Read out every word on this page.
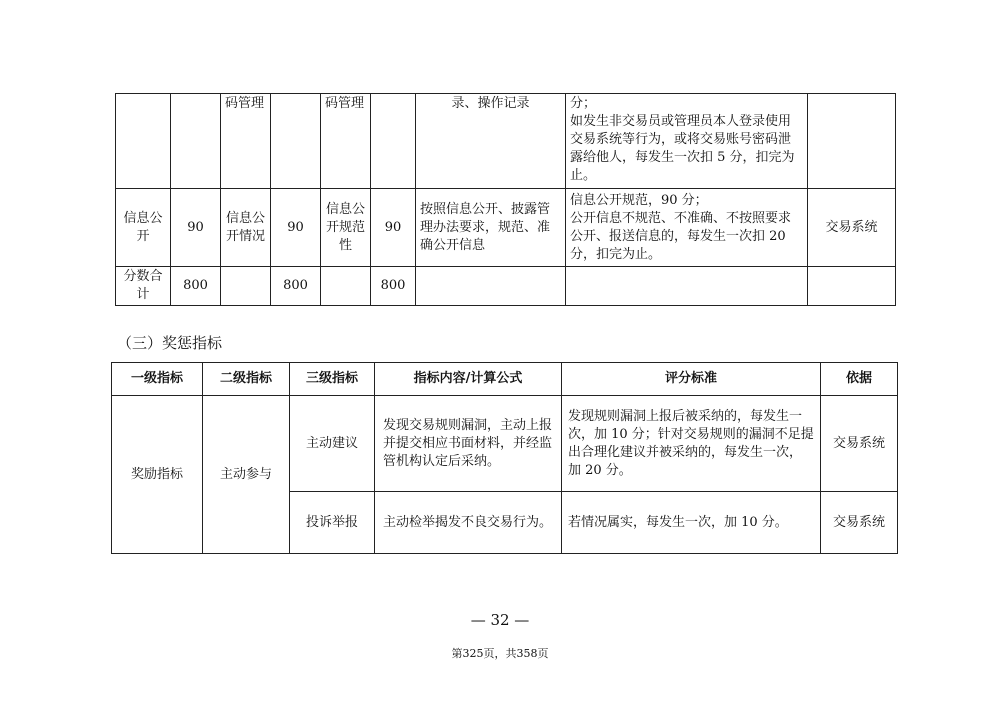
		码管理		码管理		录、操作记录	分；
如发生非交易员或管理员本人登录使用交易系统等行为，或将交易账号密码泄露给他人，每发生一次扣 5 分，扣完为止。	
信息公开	90	信息公开情况	90	信息公开规范性	90	按照信息公开、披露管理办法要求，规范、准确公开信息	信息公开规范，90 分；
公开信息不规范、不准确、不按照要求公开、报送信息的，每发生一次扣 20 分，扣完为止。	交易系统
分数合计	800		800		800			
（三）奖惩指标
一级指标	二级指标	三级指标	指标内容/计算公式	评分标准	依据
奖励指标	主动参与	主动建议	发现交易规则漏洞，主动上报并提交相应书面材料，并经监管机构认定后采纳。	发现规则漏洞上报后被采纳的，每发生一次，加 10 分；针对交易规则的漏洞不足提出合理化建议并被采纳的，每发生一次，加 20 分。	交易系统
		投诉举报	主动检举揭发不良交易行为。	若情况属实，每发生一次，加 10 分。	交易系统
— 32 —
第325页，共358页
